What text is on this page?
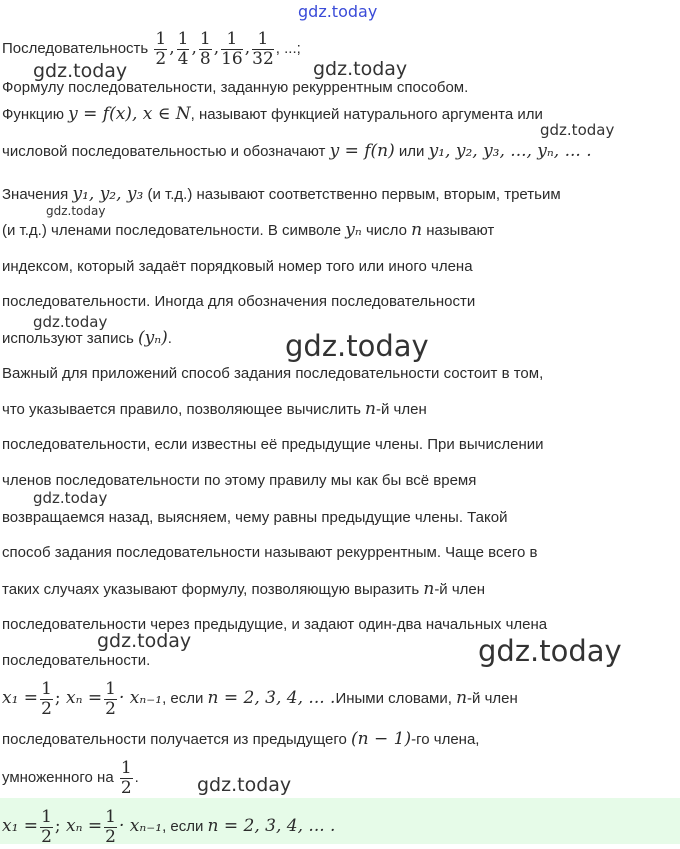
Последовательность $\frac{1}{2}$ , $\frac{1}{4}$ , $\frac{1}{8}$ , $\frac{1}{16}$ , $\frac{1}{32}$ , ...;
Формулу последовательности, заданную рекуррентным способом.
Функцию y = f(x), x ∈ N, называют функцией натурального аргумента или
числовой последовательностью и обозначают y = f(n) или y₁, y₂, y₃, ..., yₙ, ... .
Значения y₁, y₂, y₃ (и т.д.) называют соответственно первым, вторым, третьим
(и т.д.) членами последовательности. В символе yₙ число n называют
индексом, который задаёт порядковый номер того или иного члена
последовательности. Иногда для обозначения последовательности
используют запись (yₙ).
Важный для приложений способ задания последовательности состоит в том,
что указывается правило, позволяющее вычислить n-й член
последовательности, если известны её предыдущие члены. При вычислении
членов последовательности по этому правилу мы как бы всё время
возвращаемся назад, выясняем, чему равны предыдущие члены. Такой
способ задания последовательности называют рекуррентным. Чаще всего в
таких случаях указывают формулу, позволяющую выразить n-й член
последовательности через предыдущие, и задают один-два начальных члена
последовательности.
$x_1 = \frac{1}{2}$ ; $x_n = \frac{1}{2} \cdot x_{n-1}$, если n = 2, 3, 4, ... .Иными словами, n-й член
последовательности получается из предыдущего (n − 1)-го члена,
умноженного на $\frac{1}{2}$ .
$x_1 = \frac{1}{2}$ ; $x_n = \frac{1}{2} \cdot x_{n-1}$, если n = 2, 3, 4, ... .
gdz.today
gdz.today	gdz.today
gdz.today
gdz.today
gdz.today
gdz.today
gdz.today
gdz.today	gdz.today
gdz.today
